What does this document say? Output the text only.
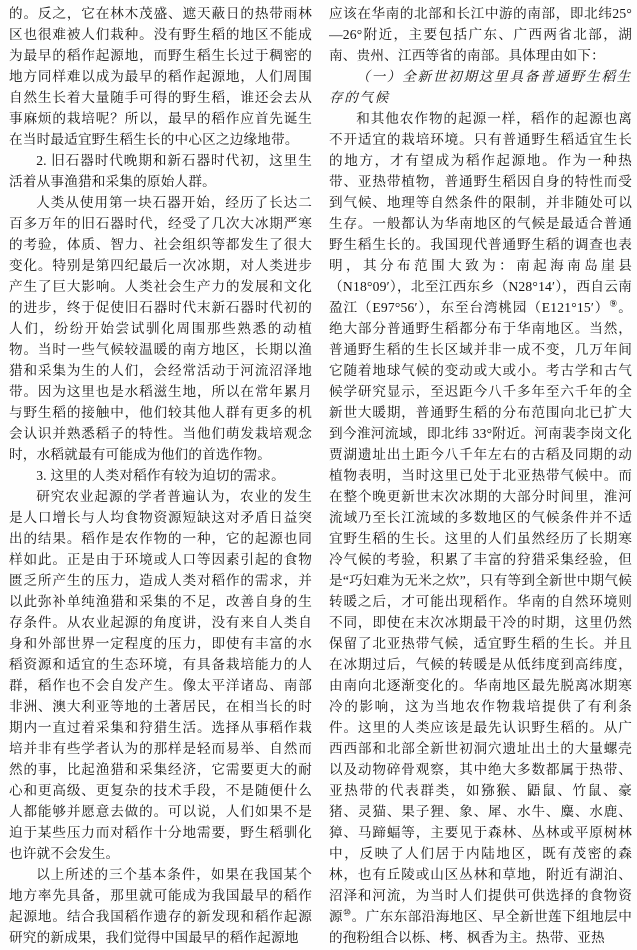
的。反之，它在林木茂盛、遮天蔽日的热带雨林区也很难被人们栽种。没有野生稻的地区不能成为最早的稻作起源地，而野生稻生长过于稠密的地方同样难以成为最早的稻作起源地，人们周围自然生长着大量随手可得的野生稻，谁还会去从事麻烦的栽培呢？所以，最早的稻作应首先诞生在当时最适宜野生稻生长的中心区之边缘地带。

2. 旧石器时代晚期和新石器时代初，这里生活着从事渔猎和采集的原始人群。

人类从使用第一块石器开始，经历了长达二百多万年的旧石器时代，经受了几次大冰期严寒的考验，体质、智力、社会组织等都发生了很大变化。特别是第四纪最后一次冰期，对人类进步产生了巨大影响。人类社会生产力的发展和文化的进步，终于促使旧石器时代末新石器时代初的人们，纷纷开始尝试驯化周围那些熟悉的动植物。当时一些气候较温暖的南方地区，长期以渔猎和采集为生的人们，会经常活动于河流沼泽地带。因为这里也是水稻滋生地，所以在常年累月与野生稻的接触中，他们较其他人群有更多的机会认识并熟悉稻子的特性。当他们萌发栽培观念时，水稻就最有可能成为他们的首选作物。

3. 这里的人类对稻作有较为迫切的需求。

研究农业起源的学者普遍认为，农业的发生是人口增长与人均食物资源短缺这对矛盾日益突出的结果。稻作是农作物的一种，它的起源也同样如此。正是由于环境或人口等因素引起的食物匮乏所产生的压力，造成人类对稻作的需求，并以此弥补单纯渔猎和采集的不足，改善自身的生存条件。从农业起源的角度讲，没有来自人类自身和外部世界一定程度的压力，即使有丰富的水稻资源和适宜的生态环境，有具备栽培能力的人群，稻作也不会自发产生。像太平洋诸岛、南部非洲、澳大利亚等地的土著居民，在相当长的时期内一直过着采集和狩猎生活。选择从事稻作栽培并非有些学者认为的那样是轻而易举、自然而然的事，比起渔猎和采集经济，它需要更大的耐心和更高级、更复杂的技术手段，不是随便什么人都能够并愿意去做的。可以说，人们如果不是迫于某些压力而对稻作十分地需要，野生稻驯化也许就不会发生。

以上所述的三个基本条件，如果在我国某个地方率先具备，那里就可能成为我国最早的稻作起源地。结合我国稻作遗存的新发现和稻作起源研究的新成果，我们觉得中国最早的稻作起源地

应该在华南的北部和长江中游的南部，即北纬25°—26°附近，主要包括广东、广西两省北部，湖南、贵州、江西等省的南部。具体理由如下：

（一）全新世初期这里具备普通野生稻生存的气候

和其他农作物的起源一样，稻作的起源也离不开适宜的栽培环境。只有普通野生稻适宜生长的地方，才有望成为稻作起源地。作为一种热带、亚热带植物，普通野生稻因自身的特性而受到气候、地理等自然条件的限制，并非随处可以生存。一般都认为华南地区的气候是最适合普通野生稻生长的。我国现代普通野生稻的调查也表明，其分布范围大致为：南起海南岛崖县（N18°09′），北至江西东乡（N28°14′），西自云南盈江（E97°56′），东至台湾桃园（E121°15′）⑨。绝大部分普通野生稻都分布于华南地区。当然，普通野生稻的生长区域并非一成不变，几万年间它随着地球气候的变动或大或小。考古学和古气候学研究显示，至迟距今八千多年至六千年的全新世大暖期，普通野生稻的分布范围向北已扩大到今淮河流域，即北纬 33°附近。河南裴李岗文化贾湖遗址出土距今八千年左右的古稻及同期的动植物表明，当时这里已处于北亚热带气候中。而在整个晚更新世末次冰期的大部分时间里，淮河流域乃至长江流域的多数地区的气候条件并不适宜野生稻的生长。这里的人们虽然经历了长期寒冷气候的考验，积累了丰富的狩猎采集经验，但是“巧妇难为无米之炊”，只有等到全新世中期气候转暖之后，才可能出现稻作。华南的自然环境则不同，即使在末次冰期最干冷的时期，这里仍然保留了北亚热带气候，适宜野生稻的生长。并且在冰期过后，气候的转暖是从低纬度到高纬度，由南向北逐渐变化的。华南地区最先脱离冰期寒冷的影响，这为当地农作物栽培提供了有利条件。这里的人类应该是最先认识野生稻的。从广西西部和北部全新世初洞穴遗址出土的大量螺壳以及动物碎骨观察，其中绝大多数都属于热带、亚热带的代表群类，如猕猴、鼯鼠、竹鼠、豪猪、灵猫、果子狸、象、犀、水牛、麋、水鹿、獐、马蹄蝠等，主要见于森林、丛林或平原树林中，反映了人们居于内陆地区，既有茂密的森林，也有丘陵或山区丛林和草地，附近有湖泊、沼泽和河流，为当时人们提供可供选择的食物资源⑩。广东东部沿海地区、早全新世莲下组地层中的孢粉组合以栎、栲、枫香为主。热带、亚热
